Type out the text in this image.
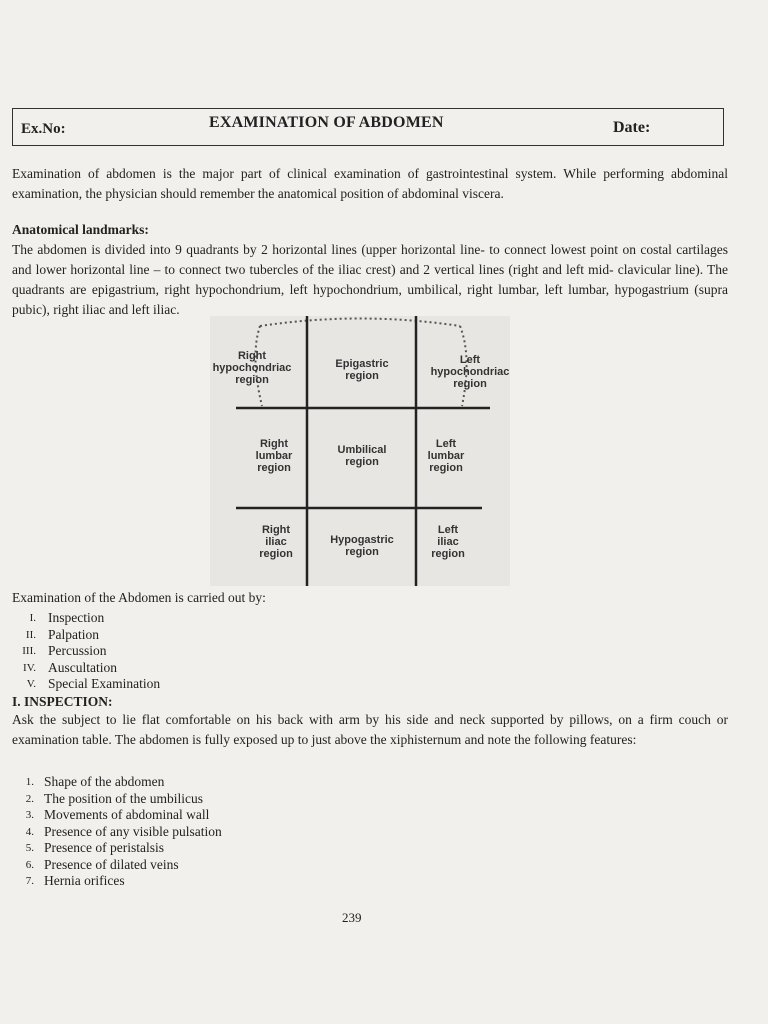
Ex.No:	EXAMINATION OF ABDOMEN	Date:
Examination of abdomen is the major part of clinical examination of gastrointestinal system. While performing abdominal examination, the physician should remember the anatomical position of abdominal viscera.
Anatomical landmarks:
The abdomen is divided into 9 quadrants by 2 horizontal lines (upper horizontal line- to connect lowest point on costal cartilages and lower horizontal line – to connect two tubercles of the iliac crest) and 2 vertical lines (right and left mid- clavicular line). The quadrants are epigastrium, right hypochondrium, left hypochondrium, umbilical, right lumbar, left lumbar, hypogastrium (supra pubic), right iliac and left iliac.
Right
hypochondriac
region
Epigastric
region
Left
hypochondriac
region
Right
lumbar
region
Umbilical
region
Left
lumbar
region
Right
iliac
region
Hypogastric
region
Left
iliac
region
Examination of the Abdomen is carried out by:
I. Inspection
II. Palpation
III. Percussion
IV. Auscultation
V. Special Examination
I. INSPECTION:
Ask the subject to lie flat comfortable on his back with arm by his side and neck supported by pillows, on a firm couch or examination table. The abdomen is fully exposed up to just above the xiphisternum and note the following features:
1. Shape of the abdomen
2. The position of the umbilicus
3. Movements of abdominal wall
4. Presence of any visible pulsation
5. Presence of peristalsis
6. Presence of dilated veins
7. Hernia orifices
239
